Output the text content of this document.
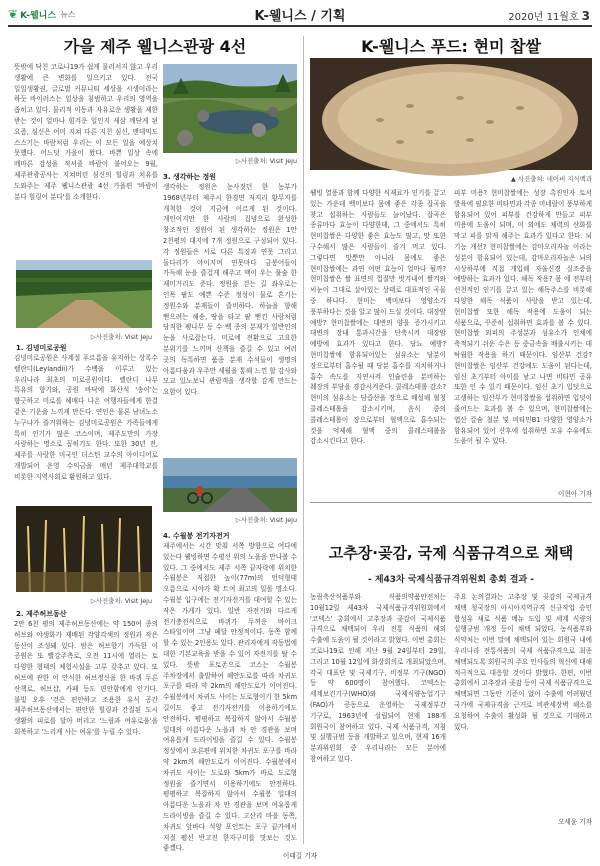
❦ K-웰니스 뉴스	K-웰니스 / 기획	2020년 11월호 3
가을 제주 웰니스관광 4선
뜻밖에 닥친 코로나19가 쉽게 물러서지 않고 우리 생활에 큰 변화를 일으키고 있다. 전국 일일생활권, 글로벌 커뮤니티 세상을 시생이라는 하듯 바이러스는 일상을 침범하고 우리의 영역을 좁히고 있다. 물리적 이동과 자유로운 생활을 제한 받는 것이 얼마나 힘겨운 일인지 새삼 깨닫게 된 요즘, 심신은 어미 지쳐 다른 지친 심신, 앤데믹도 스스기는 바람처럼 우리는 이 모든 일을 예상치 못했다. 어느덧 가을이 왔다. 바쁜 일상 속에 메마른 감성을 적셔줄 바람이 불어오는 9월, 제주관광공사는 지쳐버린 심신의 힐링과 치유를 도와주는 제주 웰니스관광 4선 가을편 '바람이 분다 힐링이 분다'를 소개한다.
▷사진출처: Visit Jeju
▷사진출처: Visit Jeju
1. 김녕미로공원
김녕미로공원은 사계절 푸르름을 유지하는 상록수 렐란디(Leylandii)가 수백을 이루고 있는 우리나라 최초의 미로공원이다. 렐란디 나무 특유의 향기와, 공원 바닥에 화산석 '송이'는 향긋하고 미로를 헤매다 나온 여행자들에게 한결 같은 기운을 느끼게 만든다. 연인은 물론 남녀노소 누구나가 즐거워하는 김녕미로공원은 가족들에게 특히 인기가 많은 코스이며, 제주도만의 가장 사랑하는 명소로 꼽히기도 한다. 또한 30년 전, 제주를 사랑한 미국인 더스틴 교수의 아이디어로 개발되어 운영 수익금을 매년 제주대학교를 비롯한 지역사회로 환원하고 있다.
▷사진출처: Visit Jeju
2. 제주허브동산
2만 6천 평의 제주허브동산에는 약 150여 종의 허브와 야생화가 재배된 각양각색의 정원과 작은 동산이 조성돼 있다. 밤은 허브향기 가득한 이 공원은 또 빨강주측로, 오전 11시에 열리는 토 다양한 형태의 체험시설을 고루 갖추고 있다. 또 허브에 관한 이 안식한 허브정신을 한 바퀴 두른 산책로, 허브샵, 카페 등도 편안함에게 인기다. 불빛 오후 '걷은 편안하고 조용한 유식 공간 제주허브동산에서는 편안한 힐링과 간질된 도시 생활의 피로를 달아 버리고 '느림과 여유로움'을 회복하고 '느리게 사는 여유'를 누릴 수 있다.
3. 생각하는 정원
생각하는 정원은 농사짓던 한 농부가 1968년부터 제주시 한경면 저지리 황무지를 개척한 것이 지금에 이르게 된 것이다. 개인이지만 한 사람의 집념으로 완성한 창조적인 정원이 된 생각하는 정원은 1만 2천평의 대지에 7개 정원으로 구성되어 있다. 각 정원들은 서로 다른 특징과 연못 그리고 돌다리가 아이지며 연못마다 금붕어들이 가득해 눈을 즐겁게 해주고 맥이 우는 풀숲 한 재미거리도 준다. 정원을 걷는 길 좌우로는 인목 팥도 예쁜 수준 정성이 물로 흔기는 정원수와 분재들이 즐비하다. 하늘을 향해 뻗으려는 해송, 땅을 타고 팥 뻗킨 사람처럼 당직한 팽나무 등 수 백 종의 분재가 일반인의 눈을 사로잡는다. 미로에 전환으로 고요한 분위기를 느끼며 산책을 즐길 수 있고 여러 곳의 독특하면 품종 분재 수석들이 생명의 아름다움과 우주만 세월을 통해 느낀 할 감사와 모교 있노보니 관람객을 생각할 감게 만드는 요함이 있다.
▷사진출처: Visit Jeju
4. 수월봉 전기자전거
제주에서는 시간 맞춰 서쪽 방향으로 여다에 있는다 웰빙하면 수평선 위의 노을을 만나볼 수 있다. 그 중에서도 제주 서쪽 끝자락에 위치한 수월봉은 직접한 높이(77m)의 언덕형태 오름으로 시야가 확 트여 최고의 일몰 명소다. 수월봉 입구에는 전기자전거를 대여할 수 있는 작은 가게가 있다. 일반 자전거와 다르게 전기충전식으로 바퀴가 두꺼운 바이크 스타일이며 그냥 페달 안정적이다. 동쪽 함께 할 수 있는 2인용도 있다. 관리자에게 작동법에 대한 기본교육을 받을 수 있어 자전거를 탈 수 있다. 뜻밖 포토존으로 코스는 수월봉 주차장에서 출발하여 해안도로를 따라 차귀도 포구를 따라 약 2km의 해안도로가 이어진다. 수월봉에서 차귀도 사이는 도로형이기 한 5km 길이도 좋고 전기자전거를 이용하기에도 안전하다. 평평하고 복잡하지 않아서 수월봉 일대의 아름다운 노을과 차 안 경관을 보며 여유롭게 드라이빙을 즐길 수 있다. 수월봉 정상에서 오른편에 위치한 차귀도 포구를 바라 약 2km의 해안도로가 이어진다. 수월봉에서 차귀도 사이는 도로와 5km가 바로 도로형 정원을 즐기면서 이용하기에도 안전하다. 평평하고 복잡하지 않아서 수월봉 일대의 아름다운 노을과 차 안 경관을 보며 여유롭게 드라이빙을 즐길 수 있다. 고산리 마을 동쪽, 차귀도 앞바다 석양 포인트는 포구 끝가에서 저절 평선 반고진 한자구미를 맛보는 것도 좋겠다.
이태길 기자
K-웰니스 푸드: 현미 찹쌀
▲ 사진출처: 네이버 지식백과
웰빙 열풍과 함께 다양한 식재료가 인기를 끌고 있는 가운데 백미보다 몸에 좋은 각종 잡곡을 찾고 섭취하는 사람들도 늘어났다. 잡곡은 종류마다 효능이 다양한데, 그 중에서도 특히 현미찹쌀은 다양한 좋은 효능도 많고, 맛 또한 구수해서 많은 사람들이 즐겨 먹고 있다. 그렇다면 맛뿐만 아니라 몸에도 좋은 현미찹쌀에는 과연 어떤 효능이 얼마나 될까? 현미찹쌀은 쌀 표면의 껍질만 벗겨내어 쌀겨와 씨눈이 그대로 살아있는 상태로 대표적인 곡물 중 하나다. 현미는 백미보다 영양소가 풍부하다는 것을 알고 많이 드실 것이다. 대장암 예방? 현미찹쌀에는 대변의 양을 증가시키고 대변의 장내 통과시간을 단축시켜 대장암 예방에 효과가 있다고 한다. 당뇨 예방? 현미찹쌀에 함유되어있는 섬유소는 당분이 장으로부터 흡수될 때 당분 흡수를 지치하거나 흡수 속도를 지연시켜 인슐린을 분비하는 췌장의 부담을 경감시켜준다. 콜레스테롤 감소? 현미의 섬유소는 담즙산을 장으로 배설해 혈청 콜레스테롤을 감소시키며, 음식 중의 콜레스테롤이 장으로부터 혈액으로 흡수되는 것을 억제해 혈액 중의 콜레스테롤을 감소시킨다고 한다.
피부 미용? 현미찹쌀에는 성장 촉진인자 토서 발육에 필요한 비타민과 각종 미네랄이 풍부하게 함유되어 있어 피부를 건강하게 만들고 피부 미용에 도움이 되며, 이 외에도 체력의 산화를 막고 피를 맑게 해주는 효과가 있다고 한다. 뇌 기능 개선? 현미찹쌀에는 감마오리자놀 이라는 성분이 함유되어 있는데, 감마오리자놀은 뇌의 시상하부에 직접 개입해 자율신경 실조증을 예방하는 효과가 있다. 해독 작용? 몸 에 전부터 선천적인 인기를 끌고 있는 해독주스를 비롯해 다양한 해독 식품이 사랑을 받고 있는데, 현미찹쌀 또한 해독 작용에 도움이 되는 식품으로, 꾸준히 섭취하면 효과를 볼 수 있다. 현미찹쌀 외피의 주성분과 섬유소가 인체에 축적되기 쉬운 수은 등 중금속을 배출시키는 데 탁월한 작용을 하기 때문이다. 임산부 건강? 현미찹쌀은 임산부 건강에도 도움이 된다는데, 임신 초기부터 아이를 낳고 나면 비타민 공유 또한 인 수 있기 때문이다. 임신 초기 입덧으로 고생하는 임산부가 현미찹쌀을 섭취하면 입덧이 줄어드는 효과를 볼 수 있으며, 현미찹쌀에는 엽산 칼슘 철분 및 비타민B1 다양한 영양소가 함유되어 있어 산후에 섭취하면 모유 수유에도 도움이 될 수 있다.
이현아 기자
고추장·곶감, 국제 식품규격으로 채택
- 제43차 국제식품규격위원회 총회 결과 -
농림축산식품부와 식품의약품안전처는 10월12일 제43차 국제식품규격위원회에서 '코덱스' 총회에서 고추장과 곶감이 국제식품 규격으로 채택되어 우리 전통 식품의 해외 수출에 도움이 될 것이라고 밝혔다. 이번 총회는 코로나19로 인해 지난 9월 24일부터 29일, 그리고 10월 12일에 화상회의로 개최되었으며, 각국 대표단 및 국제기구, 비정부 기구(NGO) 등 약 600명이 참여했다. 코덱스는 세계보건기구(WHO)와 국제식량농업기구(FAO)가 공동으로 운영하는 국제정부간 기구로, 1963년에 설립되어 현재 188개 회원국이 참여하고 있다. 국제 식품규격, 지침 및 실행규범 등을 개발하고 있으며, 현재 16개 분과위원회 중 우리나라는 모든 분야에 참여하고 있다.
주요 논의결과는 고추장 및 곶감의 국제규격 채택 청국장의 아시아지역규격 신규작업 승인 합성유 새로 식품 메뉴 도입 및 세계 식량의 실행규범 개정 등이 채택 되었다. 농식품부와 식약처는 이번 말에 채택되어 있는 회원국 내에 우리나라 전통식품의 국제 식품규격으로 최종 채택되도록 회원국의 주요 인사들의 혁신에 대해 적극적으로 대응할 것이다 밝혔다. 한편, 이번 총회에서 고추장과 곶감 등이 국제 식품규격으로 채택되면 그동안 기준이 없어 수출에 어려웠던 국가에 국제규격을 근거로 비관세장벽 해소를 요청하여 수출이 활성화 될 것으로 기대하고 있다.
오세윤 기자
